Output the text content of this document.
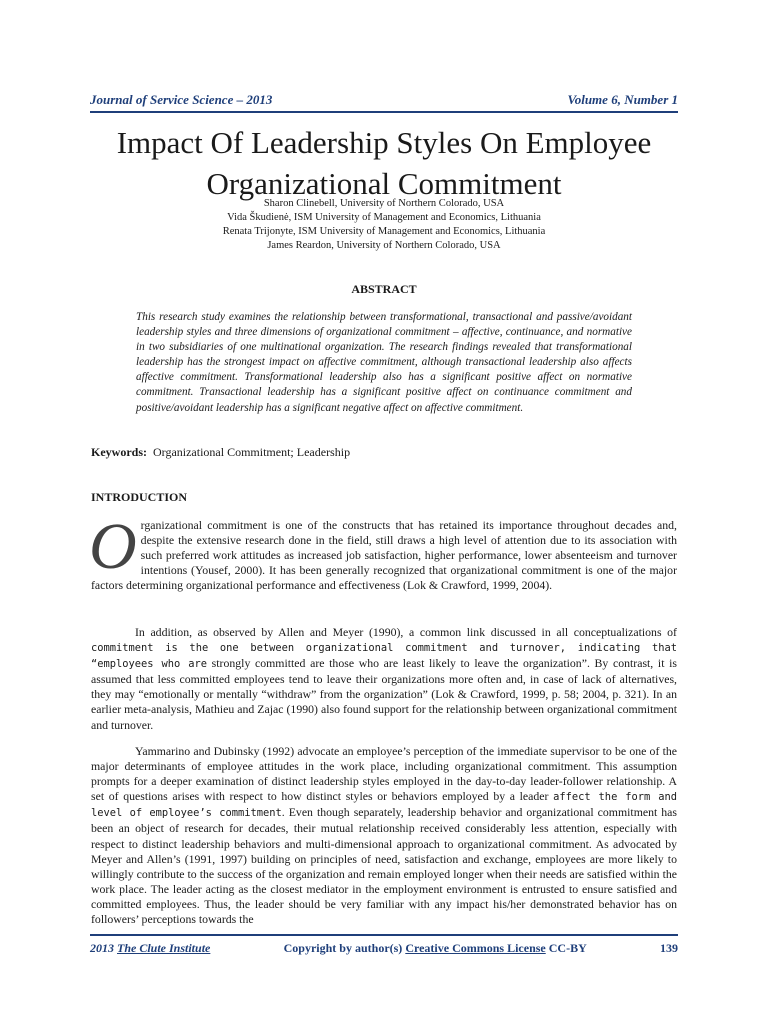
Journal of Service Science – 2013	Volume 6, Number 1
Impact Of Leadership Styles On Employee
Organizational Commitment
Sharon Clinebell, University of Northern Colorado, USA
Vida Škudienė, ISM University of Management and Economics, Lithuania
Renata Trijonyte, ISM University of Management and Economics, Lithuania
James Reardon, University of Northern Colorado, USA
ABSTRACT
This research study examines the relationship between transformational, transactional and passive/avoidant leadership styles and three dimensions of organizational commitment – affective, continuance, and normative in two subsidiaries of one multinational organization. The research findings revealed that transformational leadership has the strongest impact on affective commitment, although transactional leadership also affects affective commitment. Transformational leadership also has a significant positive affect on normative commitment. Transactional leadership has a significant positive affect on continuance commitment and positive/avoidant leadership has a significant negative affect on affective commitment.
Keywords: Organizational Commitment; Leadership
INTRODUCTION
Organizational commitment is one of the constructs that has retained its importance throughout decades and, despite the extensive research done in the field, still draws a high level of attention due to its association with such preferred work attitudes as increased job satisfaction, higher performance, lower absenteeism and turnover intentions (Yousef, 2000). It has been generally recognized that organizational commitment is one of the major factors determining organizational performance and effectiveness (Lok & Crawford, 1999, 2004).
In addition, as observed by Allen and Meyer (1990), a common link discussed in all conceptualizations of commitment is the one between organizational commitment and turnover, indicating that “employees who are strongly committed are those who are least likely to leave the organization”. By contrast, it is assumed that less committed employees tend to leave their organizations more often and, in case of lack of alternatives, they may “emotionally or mentally “withdraw” from the organization” (Lok & Crawford, 1999, p. 58; 2004, p. 321). In an earlier meta-analysis, Mathieu and Zajac (1990) also found support for the relationship between organizational commitment and turnover.
Yammarino and Dubinsky (1992) advocate an employee’s perception of the immediate supervisor to be one of the major determinants of employee attitudes in the work place, including organizational commitment. This assumption prompts for a deeper examination of distinct leadership styles employed in the day-to-day leader-follower relationship. A set of questions arises with respect to how distinct styles or behaviors employed by a leader affect the form and level of employee’s commitment. Even though separately, leadership behavior and organizational commitment has been an object of research for decades, their mutual relationship received considerably less attention, especially with respect to distinct leadership behaviors and multi-dimensional approach to organizational commitment. As advocated by Meyer and Allen’s (1991, 1997) building on principles of need, satisfaction and exchange, employees are more likely to willingly contribute to the success of the organization and remain employed longer when their needs are satisfied within the work place. The leader acting as the closest mediator in the employment environment is entrusted to ensure satisfied and committed employees. Thus, the leader should be very familiar with any impact his/her demonstrated behavior has on followers’ perceptions towards the
2013 The Clute Institute	Copyright by author(s) Creative Commons License CC-BY	139
